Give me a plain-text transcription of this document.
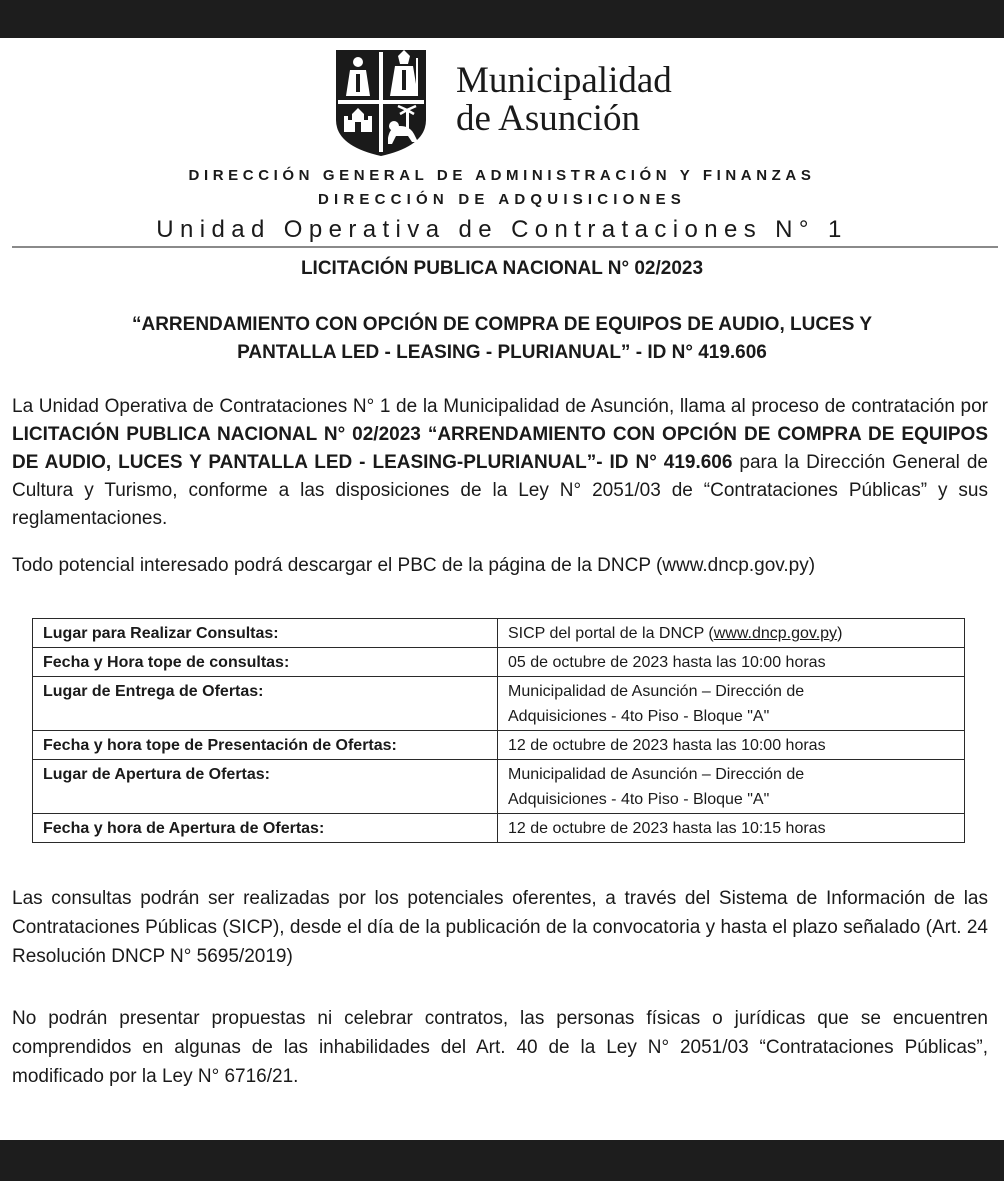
Municipalidad
de Asunción
DIRECCIÓN GENERAL DE ADMINISTRACIÓN Y FINANZAS
DIRECCIÓN DE ADQUISICIONES
Unidad Operativa de Contrataciones N° 1
LICITACIÓN PUBLICA NACIONAL N° 02/2023
“ARRENDAMIENTO CON OPCIÓN DE COMPRA DE EQUIPOS DE AUDIO, LUCES Y
PANTALLA LED - LEASING - PLURIANUAL” - ID N° 419.606
La Unidad Operativa de Contrataciones N° 1 de la Municipalidad de Asunción, llama al proceso de contratación por LICITACIÓN PUBLICA NACIONAL N° 02/2023 “ARRENDAMIENTO CON OPCIÓN DE COMPRA DE EQUIPOS DE AUDIO, LUCES Y PANTALLA LED - LEASING-PLURIANUAL”- ID N° 419.606 para la Dirección General de Cultura y Turismo, conforme a las disposiciones de la Ley N° 2051/03 de “Contrataciones Públicas” y sus reglamentaciones.
Todo potencial interesado podrá descargar el PBC de la página de la DNCP (www.dncp.gov.py)
Lugar para Realizar Consultas:	SICP del portal de la DNCP (www.dncp.gov.py)
Fecha y Hora tope de consultas:	05 de octubre de 2023 hasta las 10:00 horas
Lugar de Entrega de Ofertas:	Municipalidad de Asunción – Dirección de
Adquisiciones - 4to Piso - Bloque "A"

Fecha y hora tope de Presentación de Ofertas:	12 de octubre de 2023 hasta las 10:00 horas
Lugar de Apertura de Ofertas:	Municipalidad de Asunción – Dirección de
Adquisiciones - 4to Piso - Bloque "A"

Fecha y hora de Apertura de Ofertas:	12 de octubre de 2023 hasta las 10:15 horas
Las consultas podrán ser realizadas por los potenciales oferentes, a través del Sistema de Información de las Contrataciones Públicas (SICP), desde el día de la publicación de la convocatoria y hasta el plazo señalado (Art. 24 Resolución DNCP N° 5695/2019)
No podrán presentar propuestas ni celebrar contratos, las personas físicas o jurídicas que se encuentren comprendidos en algunas de las inhabilidades del Art. 40 de la Ley N° 2051/03 “Contrataciones Públicas”, modificado por la Ley N° 6716/21.
